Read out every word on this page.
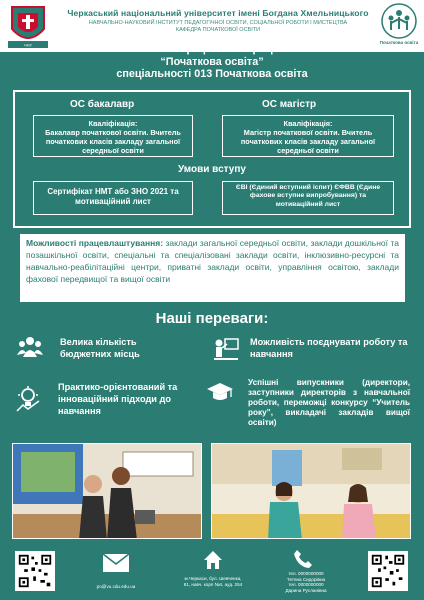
ЧНУ
Черкаський національний університет імені Богдана Хмельницького
НАВЧАЛЬНО-НАУКОВИЙ ІНСТИТУТ ПЕДАГОГІЧНОЇ ОСВІТИ, СОЦІАЛЬНОЇ РОБОТИ І МИСТЕЦТВА
КАФЕДРА ПОЧАТКОВОЇ ОСВІТИ
Початкова освіта
Освітньо-професійна програма
“Початкова освіта”
спеціальності 013 Початкова освіта
ОС бакалавр	ОС магістр
Кваліфікація:
Бакалавр початкової освіти. Вчитель початкових класів закладу загальної середньої освіти
Кваліфікація:
Магістр початкової освіти. Вчитель початкових класів закладу загальної середньої освіти
Умови вступу
Сертифікат НМТ або ЗНО 2021 та мотиваційний лист
ЄВІ (Єдиний вступний іспит) ЄФВВ (Єдине фахове вступне випробування) та мотиваційний лист
Можливості працевлаштування: заклади загальної середньої освіти, заклади дошкільної та позашкільної освіти, спеціальні та спеціалізовані заклади освіти, інклюзивно-ресурсні та навчально-реабілітаційні центри, приватні заклади освіти, управління освітою, заклади фахової передвищої та вищої освіти
Наші переваги:
Велика кількість бюджетних місць
Можливість поєднувати роботу та навчання
Практико-орієнтований та інноваційний підходи до навчання
Успішні випускники (директори, заступники директорів з навчальної роботи, переможці конкурсу “Учитель року”, викладачі закладів вищої освіти)
po@vu.cdu.edu.ua
м.Черкаси, бул. Шевченка, 81, навч. корп №4, ауд. 254
тел. 0000000000
Тетяна Сидорівна
тел. 0000000000
Дарина Русланівна
